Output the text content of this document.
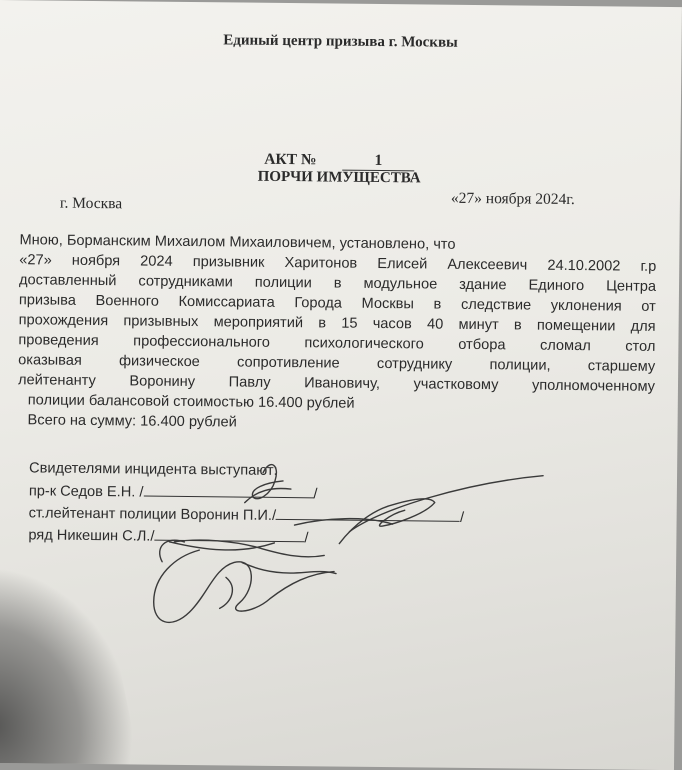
Единый центр призыва г. Москвы
АКТ №	1
ПОРЧИ ИМУЩЕСТВА
г. Москва	«27» ноября 2024г.
Мною, Борманским Михаилом Михаиловичем, установлено, что
«27» ноября 2024 призывник Харитонов Елисей Алексеевич 24.10.2002 г.р
доставленный сотрудниками полиции в модульное здание Единого Центра
призыва Военного Комиссариата Города Москвы в следствие уклонения от
прохождения призывных мероприятий в 15 часов 40 минут в помещении для
проведения профессионального психологического отбора сломал стол
оказывая физическое сопротивление сотруднику полиции, старшему
лейтенанту Воронину Павлу Ивановичу, участковому уполномоченному
полиции балансовой стоимостью 16.400 рублей
Всего на сумму: 16.400 рублей
Свидетелями инцидента выступают:
пр-к Седов Е.Н. /	/
ст.лейтенант полиции Воронин П.И./	/
ряд Никешин С.Л./	/
